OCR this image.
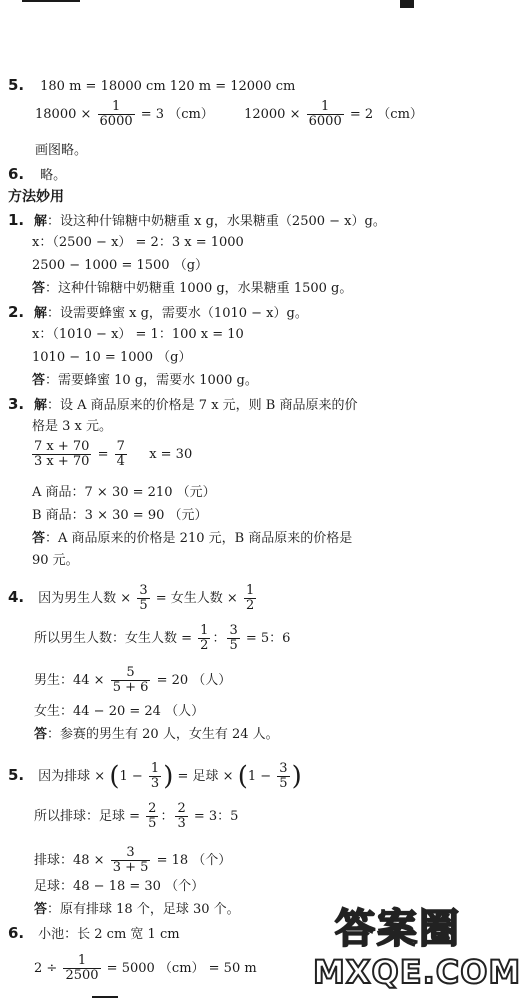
5. 180 m = 18000 cm 120 m = 12000 cm
$18000 \times \frac{1}{6000} = 3$ （cm） $12000 \times \frac{1}{6000} = 2$ （cm）
画图略。
6. 略。
方法妙用
1. 解：设这种什锦糖中奶糖重 x g，水果糖重（2500 − x）g。
x：（2500 − x） = 2：3 x = 1000
2500 − 1000 = 1500 （g）
答：这种什锦糖中奶糖重 1000 g，水果糖重 1500 g。
2. 解：设需要蜂蜜 x g，需要水（1010 − x）g。
x：（1010 − x） = 1：100 x = 10
1010 − 10 = 1000 （g）
答：需要蜂蜜 10 g，需要水 1000 g。
3. 解：设 A 商品原来的价格是 7 x 元，则 B 商品原来的价
格是 3 x 元。
$\frac{7 x + 70}{3 x + 70} = \frac{7}{4}$ x = 30
A 商品：7 × 30 = 210 （元）
B 商品：3 × 30 = 90 （元）
答：A 商品原来的价格是 210 元，B 商品原来的价格是
90 元。
4. 因为男生人数 × $\frac{3}{5}$ = 女生人数 × $\frac{1}{2}$
所以男生人数：女生人数 = $\frac{1}{2}$ ： $\frac{3}{5} = 5$：6
男生：$44 \times \frac{5}{5 + 6} = 20$ （人）
女生：44 − 20 = 24 （人）
答：参赛的男生有 20 人，女生有 24 人。
5. 因为排球 × ($1 - \frac{1}{3}$ ) = 足球 × ($1 - \frac{3}{5}$ )
所以排球：足球 = $\frac{2}{5}$ ： $\frac{2}{3} = 3$：5
排球：$48 \times \frac{3}{3 + 5} = 18$ （个）
足球：48 − 18 = 30 （个）
答：原有排球 18 个，足球 30 个。
6. 小池：长 2 cm 宽 1 cm
$2 \div \frac{1}{2500} = 5000$ （cm） = 50 m
答案圈
MXQE.COM
